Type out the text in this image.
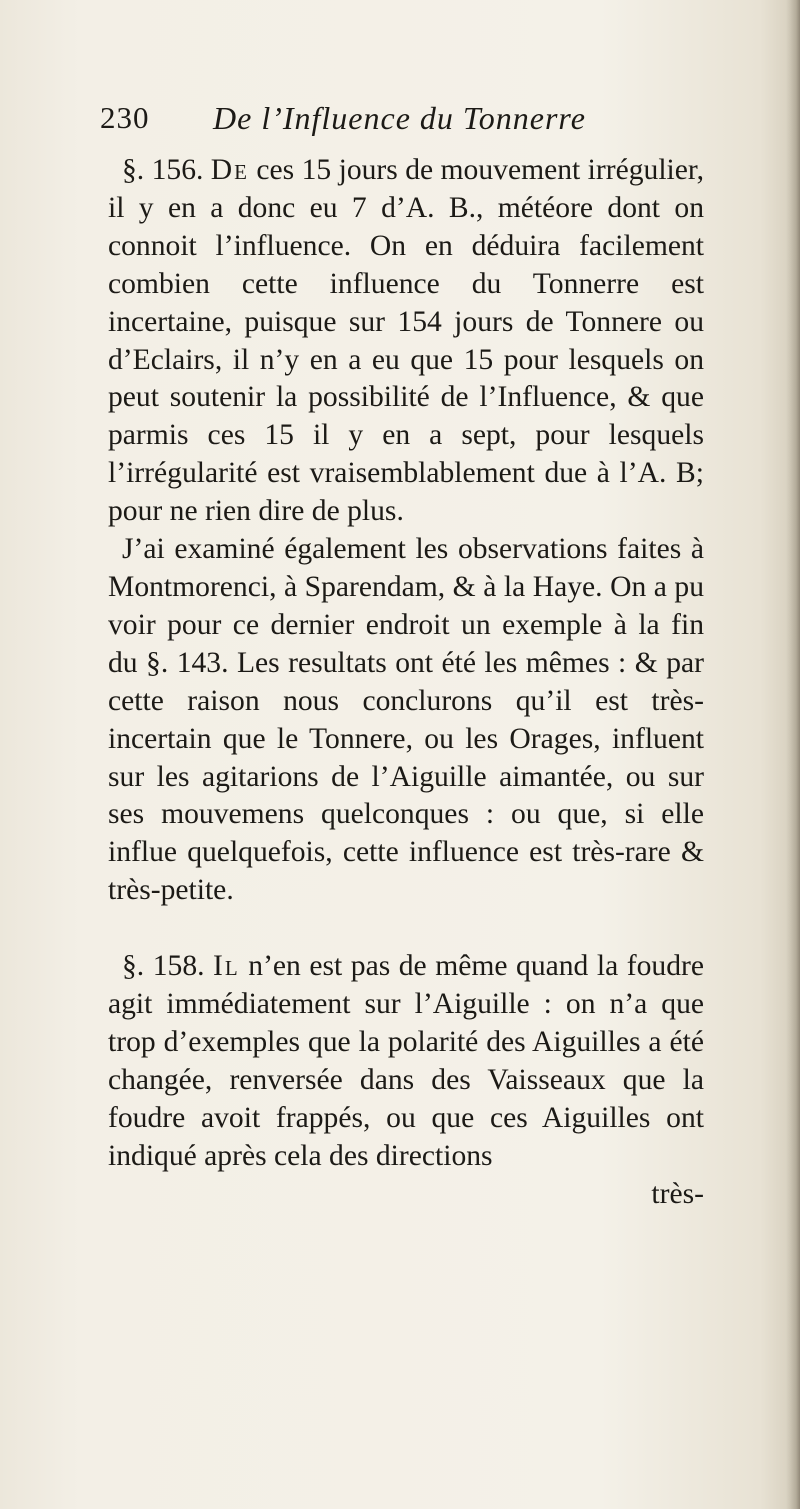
230 De l’Influence du Tonnerre

§. 156. De ces 15 jours de mouvement irrégulier, il y en a donc eu 7 d’A. B., météore dont on connoit l’influence. On en déduira facilement combien cette influence du Tonnerre est incertaine, puisque sur 154 jours de Tonnere ou d’Eclairs, il n’y en a eu que 15 pour lesquels on peut soutenir la possibilité de l’Influence, & que parmis ces 15 il y en a sept, pour lesquels l’irrégularité est vraisemblablement due à l’A. B; pour ne rien dire de plus.

J’ai examiné également les observations faites à Montmorenci, à Sparendam, & à la Haye. On a pu voir pour ce dernier endroit un exemple à la fin du §. 143. Les resultats ont été les mêmes : & par cette raison nous conclurons qu’il est très-incertain que le Tonnere, ou les Orages, influent sur les agitarions de l’Aiguille aimantée, ou sur ses mouvemens quelconques : ou que, si elle influe quelquefois, cette influence est très-rare & très-petite.

§. 158. Il n’en est pas de même quand la foudre agit immédiatement sur l’Aiguille : on n’a que trop d’exemples que la polarité des Aiguilles a été changée, renversée dans des Vaisseaux que la foudre avoit frappés, ou que ces Aiguilles ont indiqué après cela des directions

très-
